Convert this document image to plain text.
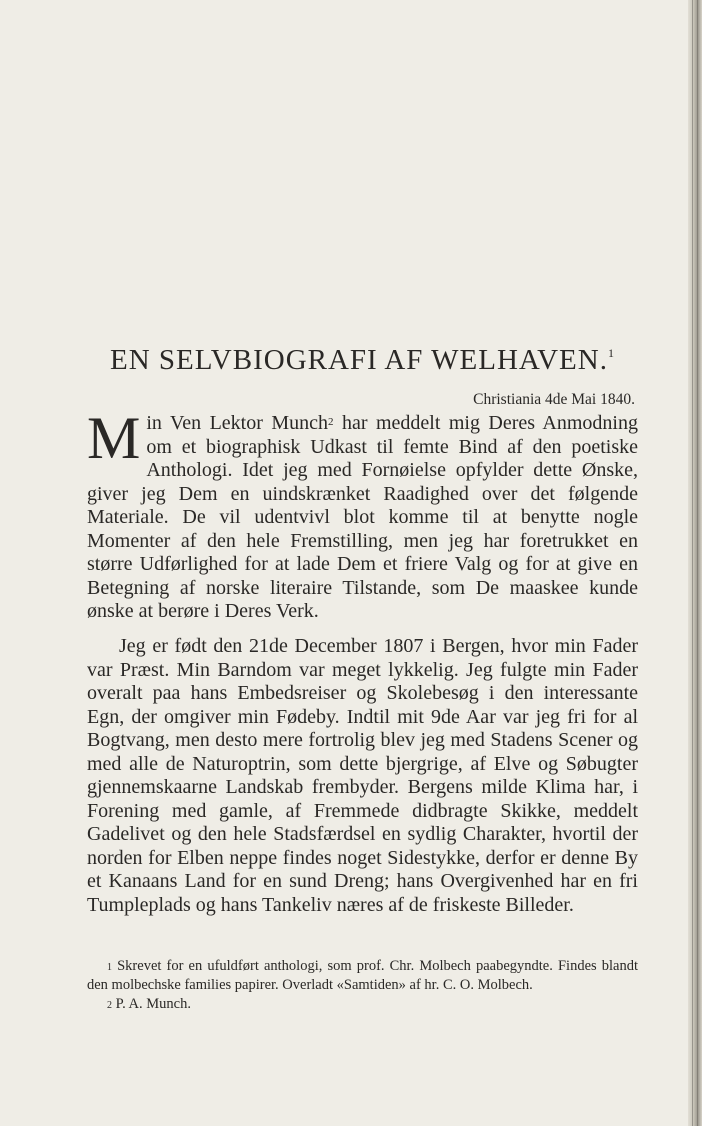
EN SELVBIOGRAFI AF WELHAVEN.$^1$
Christiania 4de Mai 1840.

Min Ven Lektor Munch$^2$ har meddelt mig Deres Anmodning om et biographisk Udkast til femte Bind af den poetiske Anthologi. Idet jeg med Fornøielse opfylder dette Ønske, giver jeg Dem en uindskrænket Raadighed over det følgende Materiale. De vil udentvivl blot komme til at benytte nogle Momenter af den hele Fremstilling, men jeg har foretrukket en større Udførlighed for at lade Dem et friere Valg og for at give en Betegning af norske literaire Tilstande, som De maaskee kunde ønske at berøre i Deres Verk.

Jeg er født den 21de December 1807 i Bergen, hvor min Fader var Præst. Min Barndom var meget lykkelig. Jeg fulgte min Fader overalt paa hans Embedsreiser og Skolebesøg i den interessante Egn, der omgiver min Fødeby. Indtil mit 9de Aar var jeg fri for al Bogtvang, men desto mere fortrolig blev jeg med Stadens Scener og med alle de Naturoptrin, som dette bjergrige, af Elve og Søbugter gjennemskaarne Landskab frembyder. Bergens milde Klima har, i Forening med gamle, af Fremmede didbragte Skikke, meddelt Gadelivet og den hele Stadsfærdsel en sydlig Charakter, hvortil der norden for Elben neppe findes noget Sidestykke, derfor er denne By et Kanaans Land for en sund Dreng; hans Overgivenhed har en fri Tumpleplads og hans Tankeliv næres af de friskeste Billeder.

$^1$ Skrevet for en ufuldført anthologi, som prof. Chr. Molbech paabegyndte. Findes blandt den molbechske families papirer. Overladt «Samtiden» af hr. C. O. Molbech.
$^2$ P. A. Munch.
